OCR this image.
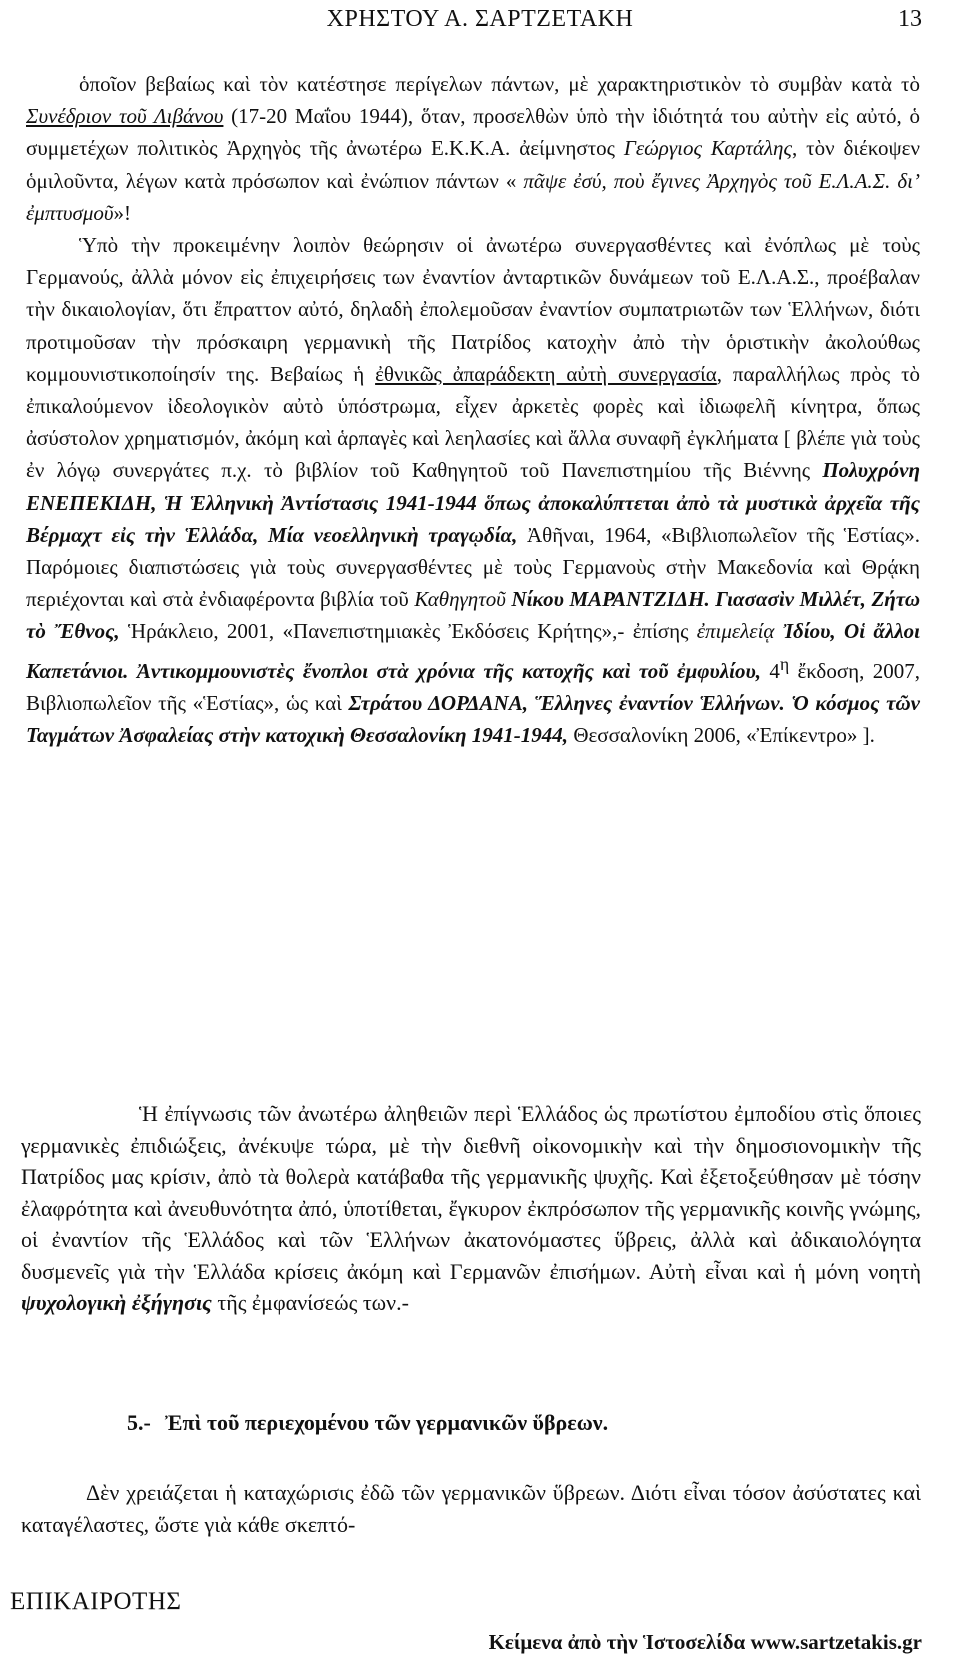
ΧΡΗΣΤΟΥ Α. ΣΑΡΤΖΕΤΑΚΗ	13

ὁποῖον βεβαίως καὶ τὸν κατέστησε περίγελων πάντων, μὲ χαρακτηριστικὸν τὸ συμβὰν κατὰ τὸ Συνέδριον τοῦ Λιβάνου (17-20 Μαΐου 1944), ὅταν, προσελθὼν ὑπὸ τὴν ἰδιότητά του αὐτὴν εἰς αὐτό, ὁ συμμετέχων πολιτικὸς Ἀρχηγὸς τῆς ἀνωτέρω Ε.Κ.Κ.Α. ἀείμνηστος Γεώργιος Καρτάλης, τὸν διέκοψεν ὁμιλοῦντα, λέγων κατὰ πρόσωπον καὶ ἐνώπιον πάντων « πᾶψε ἐσύ, ποὺ ἔγινες Ἀρχηγὸς τοῦ Ε.Λ.Α.Σ. δι’ ἐμπτυσμοῦ»!

Ὑπὸ τὴν προκειμένην λοιπὸν θεώρησιν οἱ ἀνωτέρω συνεργασθέντες καὶ ἐνόπλως μὲ τοὺς Γερμανούς, ἀλλὰ μόνον εἰς ἐπιχειρήσεις των ἐναντίον ἀνταρτικῶν δυνάμεων τοῦ Ε.Λ.Α.Σ., προέβαλαν τὴν δικαιολογίαν, ὅτι ἔπραττον αὐτό, δηλαδὴ ἐπολεμοῦσαν ἐναντίον συμπατριωτῶν των Ἑλλήνων, διότι προτιμοῦσαν τὴν πρόσκαιρη γερμανικὴ τῆς Πατρίδος κατοχὴν ἀπὸ τὴν ὁριστικὴν ἀκολούθως κομμουνιστικοποίησίν της. Βεβαίως ἡ ἐθνικῶς ἀπαράδεκτη αὐτὴ συνεργασία, παραλλήλως πρὸς τὸ ἐπικαλούμενον ἰδεολογικὸν αὐτὸ ὑπόστρωμα, εἶχεν ἀρκετὲς φορὲς καὶ ἰδιωφελῆ κίνητρα, ὅπως ἀσύστολον χρηματισμόν, ἀκόμη καὶ ἁρπαγὲς καὶ λεηλασίες καὶ ἄλλα συναφῆ ἐγκλήματα [ βλέπε γιὰ τοὺς ἐν λόγῳ συνεργάτες π.χ. τὸ βιβλίον τοῦ Καθηγητοῦ τοῦ Πανεπιστημίου τῆς Βιέννης Πολυχρόνη ΕΝΕΠΕΚΙΔΗ, Ἡ Ἑλληνικὴ Ἀντίστασις 1941-1944 ὅπως ἀποκαλύπτεται ἀπὸ τὰ μυστικὰ ἀρχεῖα τῆς Βέρμαχτ εἰς τὴν Ἑλλάδα, Μία νεοελληνικὴ τραγῳδία, Ἀθῆναι, 1964, «Βιβλιοπωλεῖον τῆς Ἑστίας». Παρόμοιες διαπιστώσεις γιὰ τοὺς συνεργασθέντες μὲ τοὺς Γερμανοὺς στὴν Μακεδονία καὶ Θρᾴκη περιέχονται καὶ στὰ ἐνδιαφέροντα βιβλία τοῦ Καθηγητοῦ Νίκου ΜΑΡΑΝΤΖΙΔΗ. Γιασασὶν Μιλλέτ, Ζήτω τὸ Ἔθνος, Ἡράκλειο, 2001, «Πανεπιστημιακὲς Ἐκδόσεις Κρήτης»,- ἐπίσης ἐπιμελείᾳ Ἰδίου, Οἱ ἄλλοι Καπετάνιοι. Ἀντικομμουνιστὲς ἔνοπλοι στὰ χρόνια τῆς κατοχῆς καὶ τοῦ ἐμφυλίου, $4^\eta$ ἔκδοση, 2007, Βιβλιοπωλεῖον τῆς «Ἑστίας», ὡς καὶ Στράτου ΔΟΡΔΑΝΑ, Ἕλληνες ἐναντίον Ἑλλήνων. Ὁ κόσμος τῶν Ταγμάτων Ἀσφαλείας στὴν κατοχικὴ Θεσσαλονίκη 1941-1944, Θεσσαλονίκη 2006, «Ἐπίκεντρο» ].

Ἡ ἐπίγνωσις τῶν ἀνωτέρω ἀληθειῶν περὶ Ἑλλάδος ὡς πρωτίστου ἐμποδίου στὶς ὅποιες γερμανικὲς ἐπιδιώξεις, ἀνέκυψε τώρα, μὲ τὴν διεθνῆ οἰκονομικὴν καὶ τὴν δημοσιονομικὴν τῆς Πατρίδος μας κρίσιν, ἀπὸ τὰ θολερὰ κατάβαθα τῆς γερμανικῆς ψυχῆς. Καὶ ἐξετοξεύθησαν μὲ τόσην ἐλαφρότητα καὶ ἀνευθυνότητα ἀπό, ὑποτίθεται, ἔγκυρον ἐκπρόσωπον τῆς γερμανικῆς κοινῆς γνώμης, οἱ ἐναντίον τῆς Ἑλλάδος καὶ τῶν Ἑλλήνων ἀκατονόμαστες ὕβρεις, ἀλλὰ καὶ ἀδικαιολόγητα δυσμενεῖς γιὰ τὴν Ἑλλάδα κρίσεις ἀκόμη καὶ Γερμανῶν ἐπισήμων. Αὐτὴ εἶναι καὶ ἡ μόνη νοητὴ ψυχολογικὴ ἐξήγησις τῆς ἐμφανίσεώς των.-

5.- Ἐπὶ τοῦ περιεχομένου τῶν γερμανικῶν ὕβρεων.

Δὲν χρειάζεται ἡ καταχώρισις ἐδῶ τῶν γερμανικῶν ὕβρεων. Διότι εἶναι τόσον ἀσύστατες καὶ καταγέλαστες, ὥστε γιὰ κάθε σκεπτό-

ΕΠΙΚΑΙΡΟΤΗΣ
Κείμενα ἀπὸ τὴν Ἱστοσελίδα www.sartzetakis.gr
